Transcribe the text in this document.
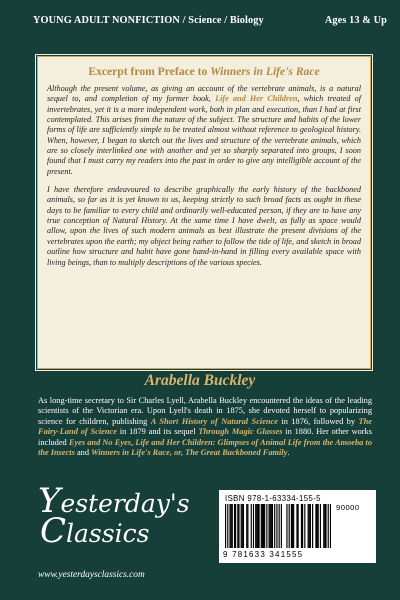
YOUNG ADULT NONFICTION / Science / Biology	Ages 13 & Up
Excerpt from Preface to Winners in Life's Race

Although the present volume, as giving an account of the vertebrate animals, is a natural sequel to, and completion of my former book, Life and Her Children, which treated of invertebrates, yet it is a more independent work, both in plan and execution, than I had at first contemplated. This arises from the nature of the subject. The structure and habits of the lower forms of life are sufficiently simple to be treated almost without reference to geological history. When, however, I began to sketch out the lives and structure of the vertebrate animals, which are so closely interlinked one with another and yet so sharply separated into groups, I soon found that I must carry my readers into the past in order to give any intelligible account of the present.

I have therefore endeavoured to describe graphically the early history of the backboned animals, so far as it is yet known to us, keeping strictly to such broad facts as ought in these days to be familiar to every child and ordinarily well-educated person, if they are to have any true conception of Natural History. At the same time I have dwelt, as fully as space would allow, upon the lives of such modern animals as best illustrate the present divisions of the vertebrates upon the earth; my object being rather to follow the tide of life, and sketch in broad outline how structure and habit have gone hand-in-hand in filling every available space with living beings, than to multiply descriptions of the various species.

Arabella Buckley

As long-time secretary to Sir Charles Lyell, Arabella Buckley encountered the ideas of the leading scientists of the Victorian era. Upon Lyell's death in 1875, she devoted herself to popularizing science for children, publishing A Short History of Natural Science in 1876, followed by The Fairy-Land of Science in 1879 and its sequel Through Magic Glasses in 1880. Her other works included Eyes and No Eyes, Life and Her Children: Glimpses of Animal Life from the Amoeba to the Insects and Winners in Life's Race, or, The Great Backboned Family.

Yesterday's
Classics
www.yesterdaysclassics.com
ISBN 978-1-63334-155-5
90000
9 781633 341555
